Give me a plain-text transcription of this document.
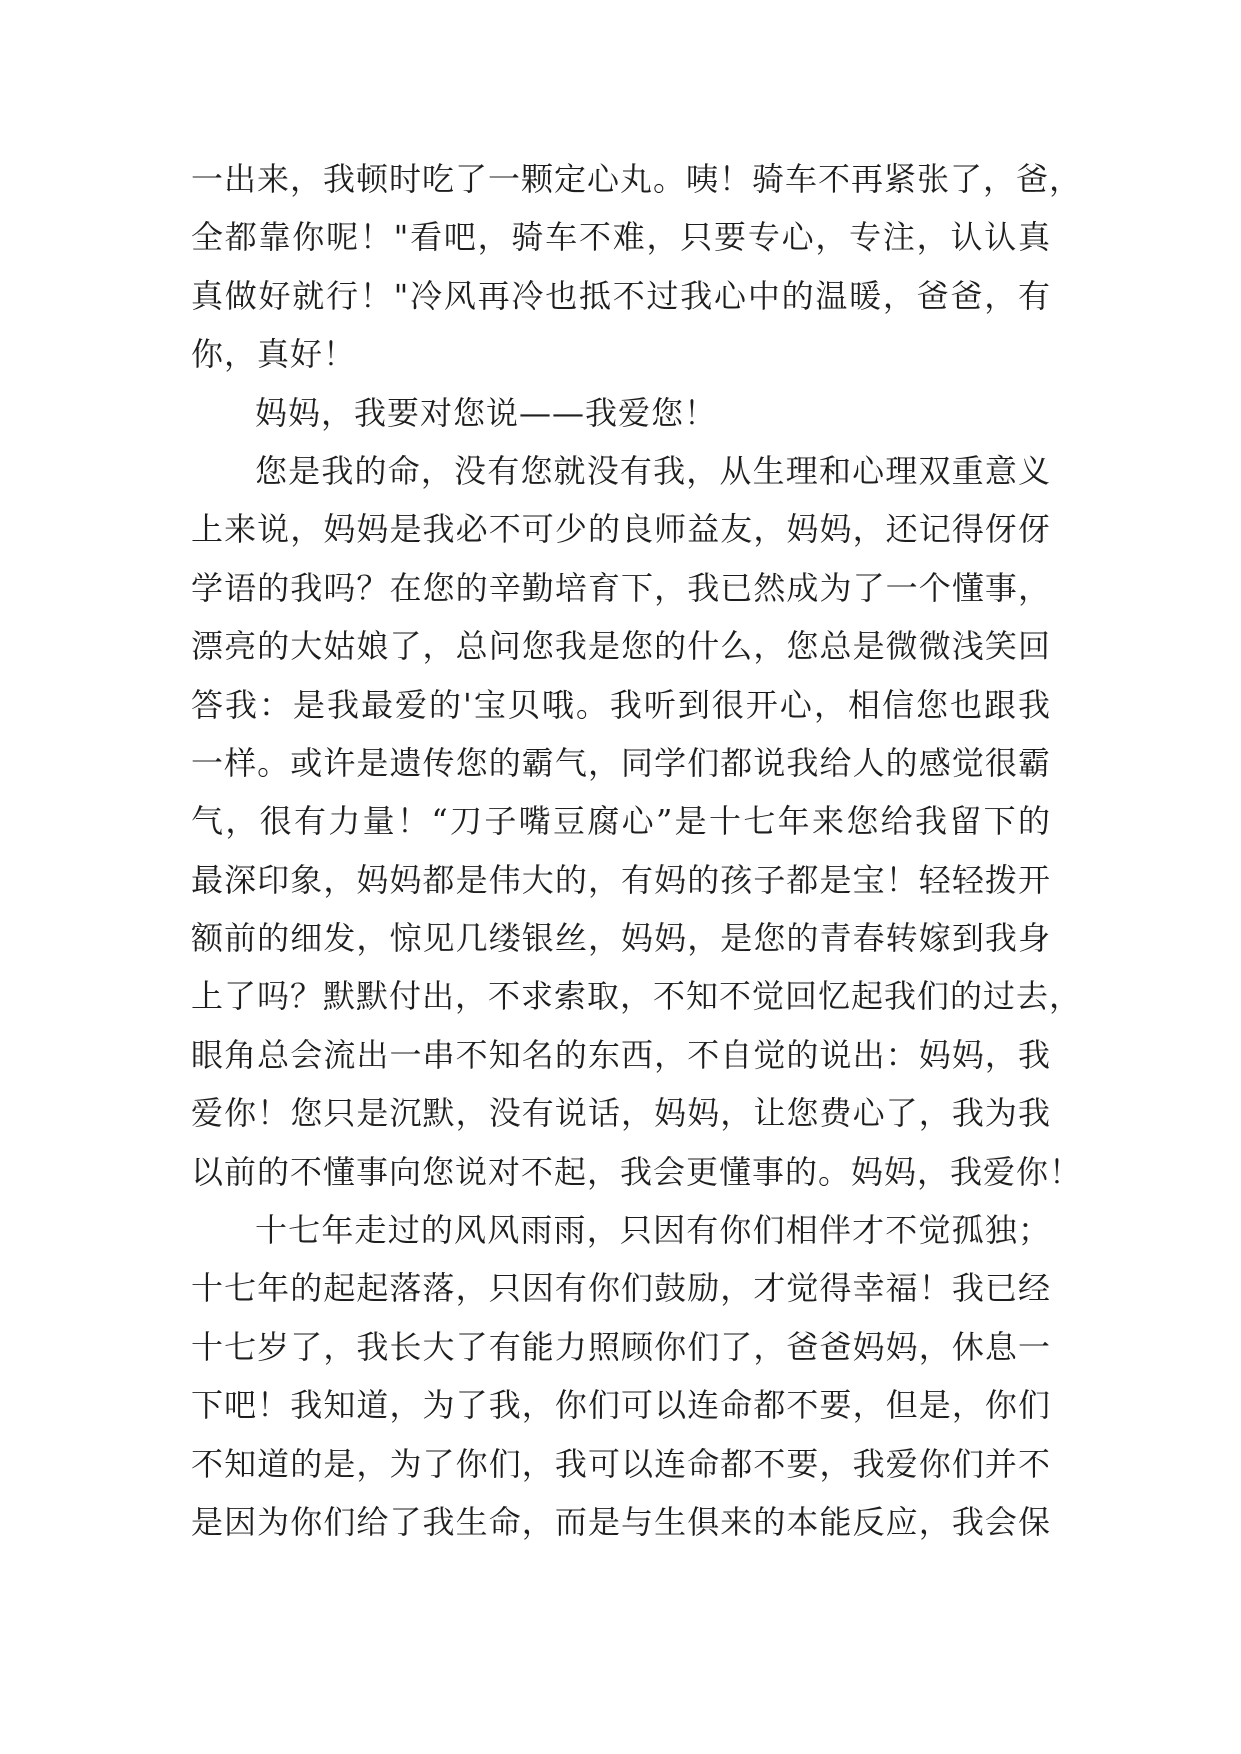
一出来，我顿时吃了一颗定心丸。咦！骑车不再紧张了，爸，
全都靠你呢！"看吧，骑车不难，只要专心，专注，认认真
真做好就行！"冷风再冷也抵不过我心中的温暖，爸爸，有
你，真好！
妈妈，我要对您说——我爱您！
您是我的命，没有您就没有我，从生理和心理双重意义
上来说，妈妈是我必不可少的良师益友，妈妈，还记得伢伢
学语的我吗？在您的辛勤培育下，我已然成为了一个懂事，
漂亮的大姑娘了，总问您我是您的什么，您总是微微浅笑回
答我：是我最爱的'宝贝哦。我听到很开心，相信您也跟我
一样。或许是遗传您的霸气，同学们都说我给人的感觉很霸
气，很有力量！“刀子嘴豆腐心”是十七年来您给我留下的
最深印象，妈妈都是伟大的，有妈的孩子都是宝！轻轻拨开
额前的细发，惊见几缕银丝，妈妈，是您的青春转嫁到我身
上了吗？默默付出，不求索取，不知不觉回忆起我们的过去，
眼角总会流出一串不知名的东西，不自觉的说出：妈妈，我
爱你！您只是沉默，没有说话，妈妈，让您费心了，我为我
以前的不懂事向您说对不起，我会更懂事的。妈妈，我爱你！
十七年走过的风风雨雨，只因有你们相伴才不觉孤独；
十七年的起起落落，只因有你们鼓励，才觉得幸福！我已经
十七岁了，我长大了有能力照顾你们了，爸爸妈妈，休息一
下吧！我知道，为了我，你们可以连命都不要，但是，你们
不知道的是，为了你们，我可以连命都不要，我爱你们并不
是因为你们给了我生命，而是与生俱来的本能反应，我会保
